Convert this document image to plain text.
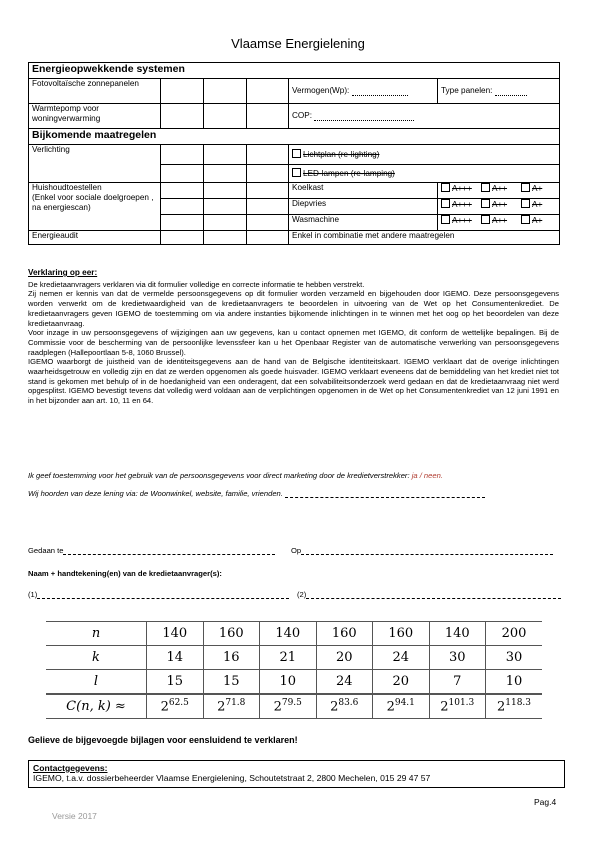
Vlaamse Energielening
Energieopwekkende systemen					
Fotovoltaïsche zonnepanelen				Vermogen(Wp):	Type panelen:
Warmtepomp voor woningverwarming				COP:	
Bijkomende maatregelen					
Verlichting				Lichtplan (re-lighting)	
				LED-lampen (re-lamping)	
Huishoudtoestellen
(Enkel voor sociale doelgroepen , na energiescan)				Koelkast	A+++ A++ A+
				Diepvries	A+++ A++ A+
				Wasmachine	A+++ A++ A+
Energieaudit				Enkel in combinatie met andere maatregelen	
Verklaring op eer:

De kredietaanvragers verklaren via dit formulier volledige en correcte informatie te hebben verstrekt.

Zij nemen er kennis van dat de vermelde persoonsgegevens op dit formulier worden verzameld en bijgehouden door IGEMO. Deze persoonsgegevens worden verwerkt om de kredietwaardigheid van de kredietaanvragers te beoordelen in uitvoering van de Wet op het Consumentenkrediet. De kredietaanvragers geven IGEMO de toestemming om via andere instanties bijkomende inlichtingen in te winnen met het oog op het beoordelen van deze kredietaanvraag.

Voor inzage in uw persoonsgegevens of wijzigingen aan uw gegevens, kan u contact opnemen met IGEMO, dit conform de wettelijke bepalingen. Bij de Commissie voor de bescherming van de persoonlijke levenssfeer kan u het Openbaar Register van de automatische verwerking van persoonsgegevens raadplegen (Hallepoortlaan 5-8, 1060 Brussel).

IGEMO waarborgt de juistheid van de identiteitsgegevens aan de hand van de Belgische identiteitskaart. IGEMO verklaart dat de overige inlichtingen waarheidsgetrouw en volledig zijn en dat ze werden opgenomen als goede huisvader. IGEMO verklaart eveneens dat de bemiddeling van het krediet niet tot stand is gekomen met behulp of in de hoedanigheid van een onderagent, dat een solvabiliteitsonderzoek werd gedaan en dat de kredietaanvraag niet werd opgesplitst. IGEMO bevestigt tevens dat volledig werd voldaan aan de verplichtingen opgenomen in de Wet op het Consumentenkrediet van 12 juni 1991 en in het bijzonder aan art. 10, 11 en 64.

Ik geef toestemming voor het gebruik van de persoonsgegevens voor direct marketing door de kredietverstrekker: ja / neen.
Wij hoorden van deze lening via: de Woonwinkel, website, familie, vrienden.
Gedaan te	Op
Naam + handtekening(en) van de kredietaanvrager(s):
(1)	(2)
n	140	160	140	160	160	140	200
k	14	16	21	20	24	30	30
l	15	15	10	24	20	7	10
C(n, k) ≈	$2^{62.5}$	$2^{71.8}$	$2^{79.5}$	$2^{83.6}$	$2^{94.1}$	$2^{101.3}$	$2^{118.3}$
Gelieve de bijgevoegde bijlagen voor eensluidend te verklaren!
Contactgegevens:
IGEMO, t.a.v. dossierbeheerder Vlaamse Energielening, Schoutetstraat 2, 2800 Mechelen, 015 29 47 57
Pag.4
Versie 2017
